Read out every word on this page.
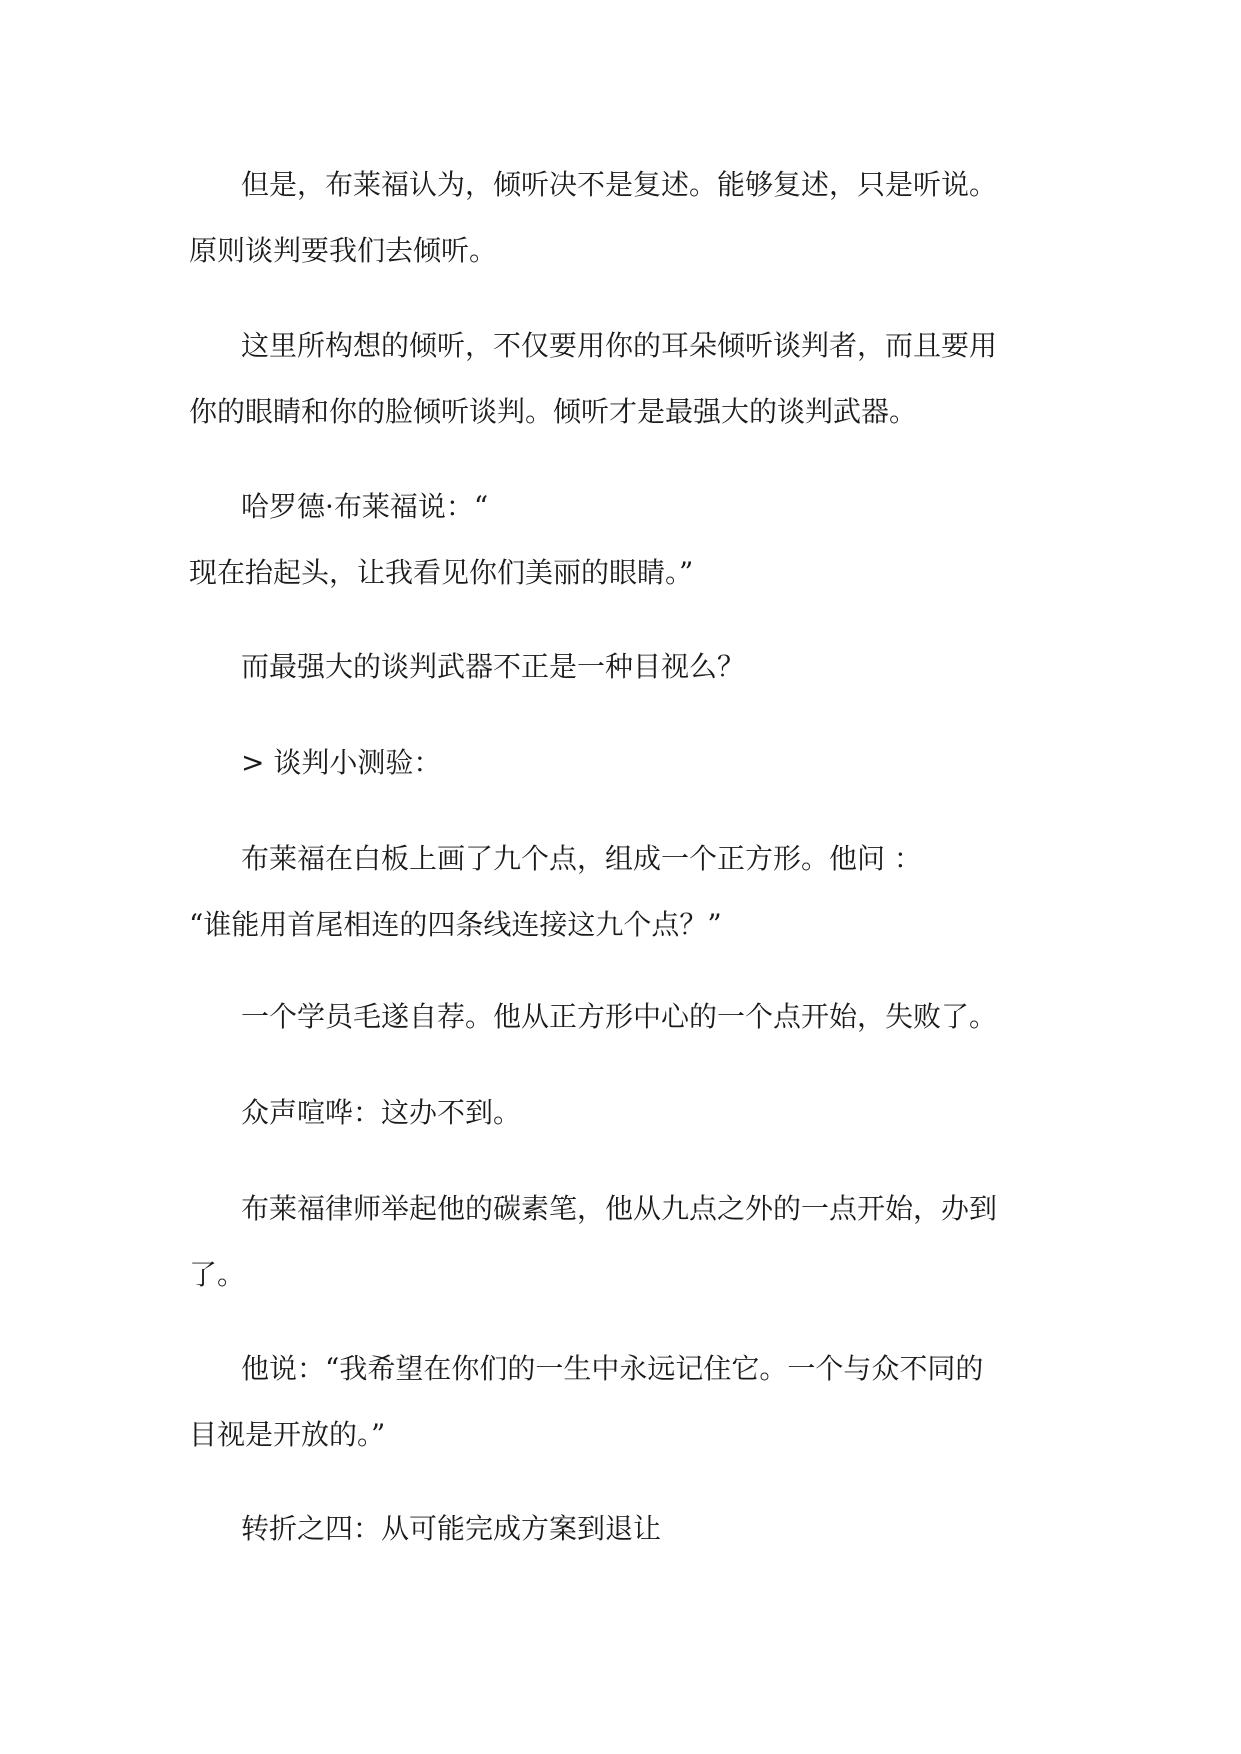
但是，布莱福认为，倾听决不是复述。能够复述，只是听说。
原则谈判要我们去倾听。

这里所构想的倾听，不仅要用你的耳朵倾听谈判者，而且要用
你的眼睛和你的脸倾听谈判。倾听才是最强大的谈判武器。

哈罗德·布莱福说：“
现在抬起头，让我看见你们美丽的眼睛。”

而最强大的谈判武器不正是一种目视么？

> 谈判小测验：

布莱福在白板上画了九个点，组成一个正方形。他问 ：
“谁能用首尾相连的四条线连接这九个点？”

一个学员毛遂自荐。他从正方形中心的一个点开始，失败了。

众声喧哗：这办不到。

布莱福律师举起他的碳素笔，他从九点之外的一点开始，办到
了。

他说：“我希望在你们的一生中永远记住它。一个与众不同的
目视是开放的。”

转折之四：从可能完成方案到退让
